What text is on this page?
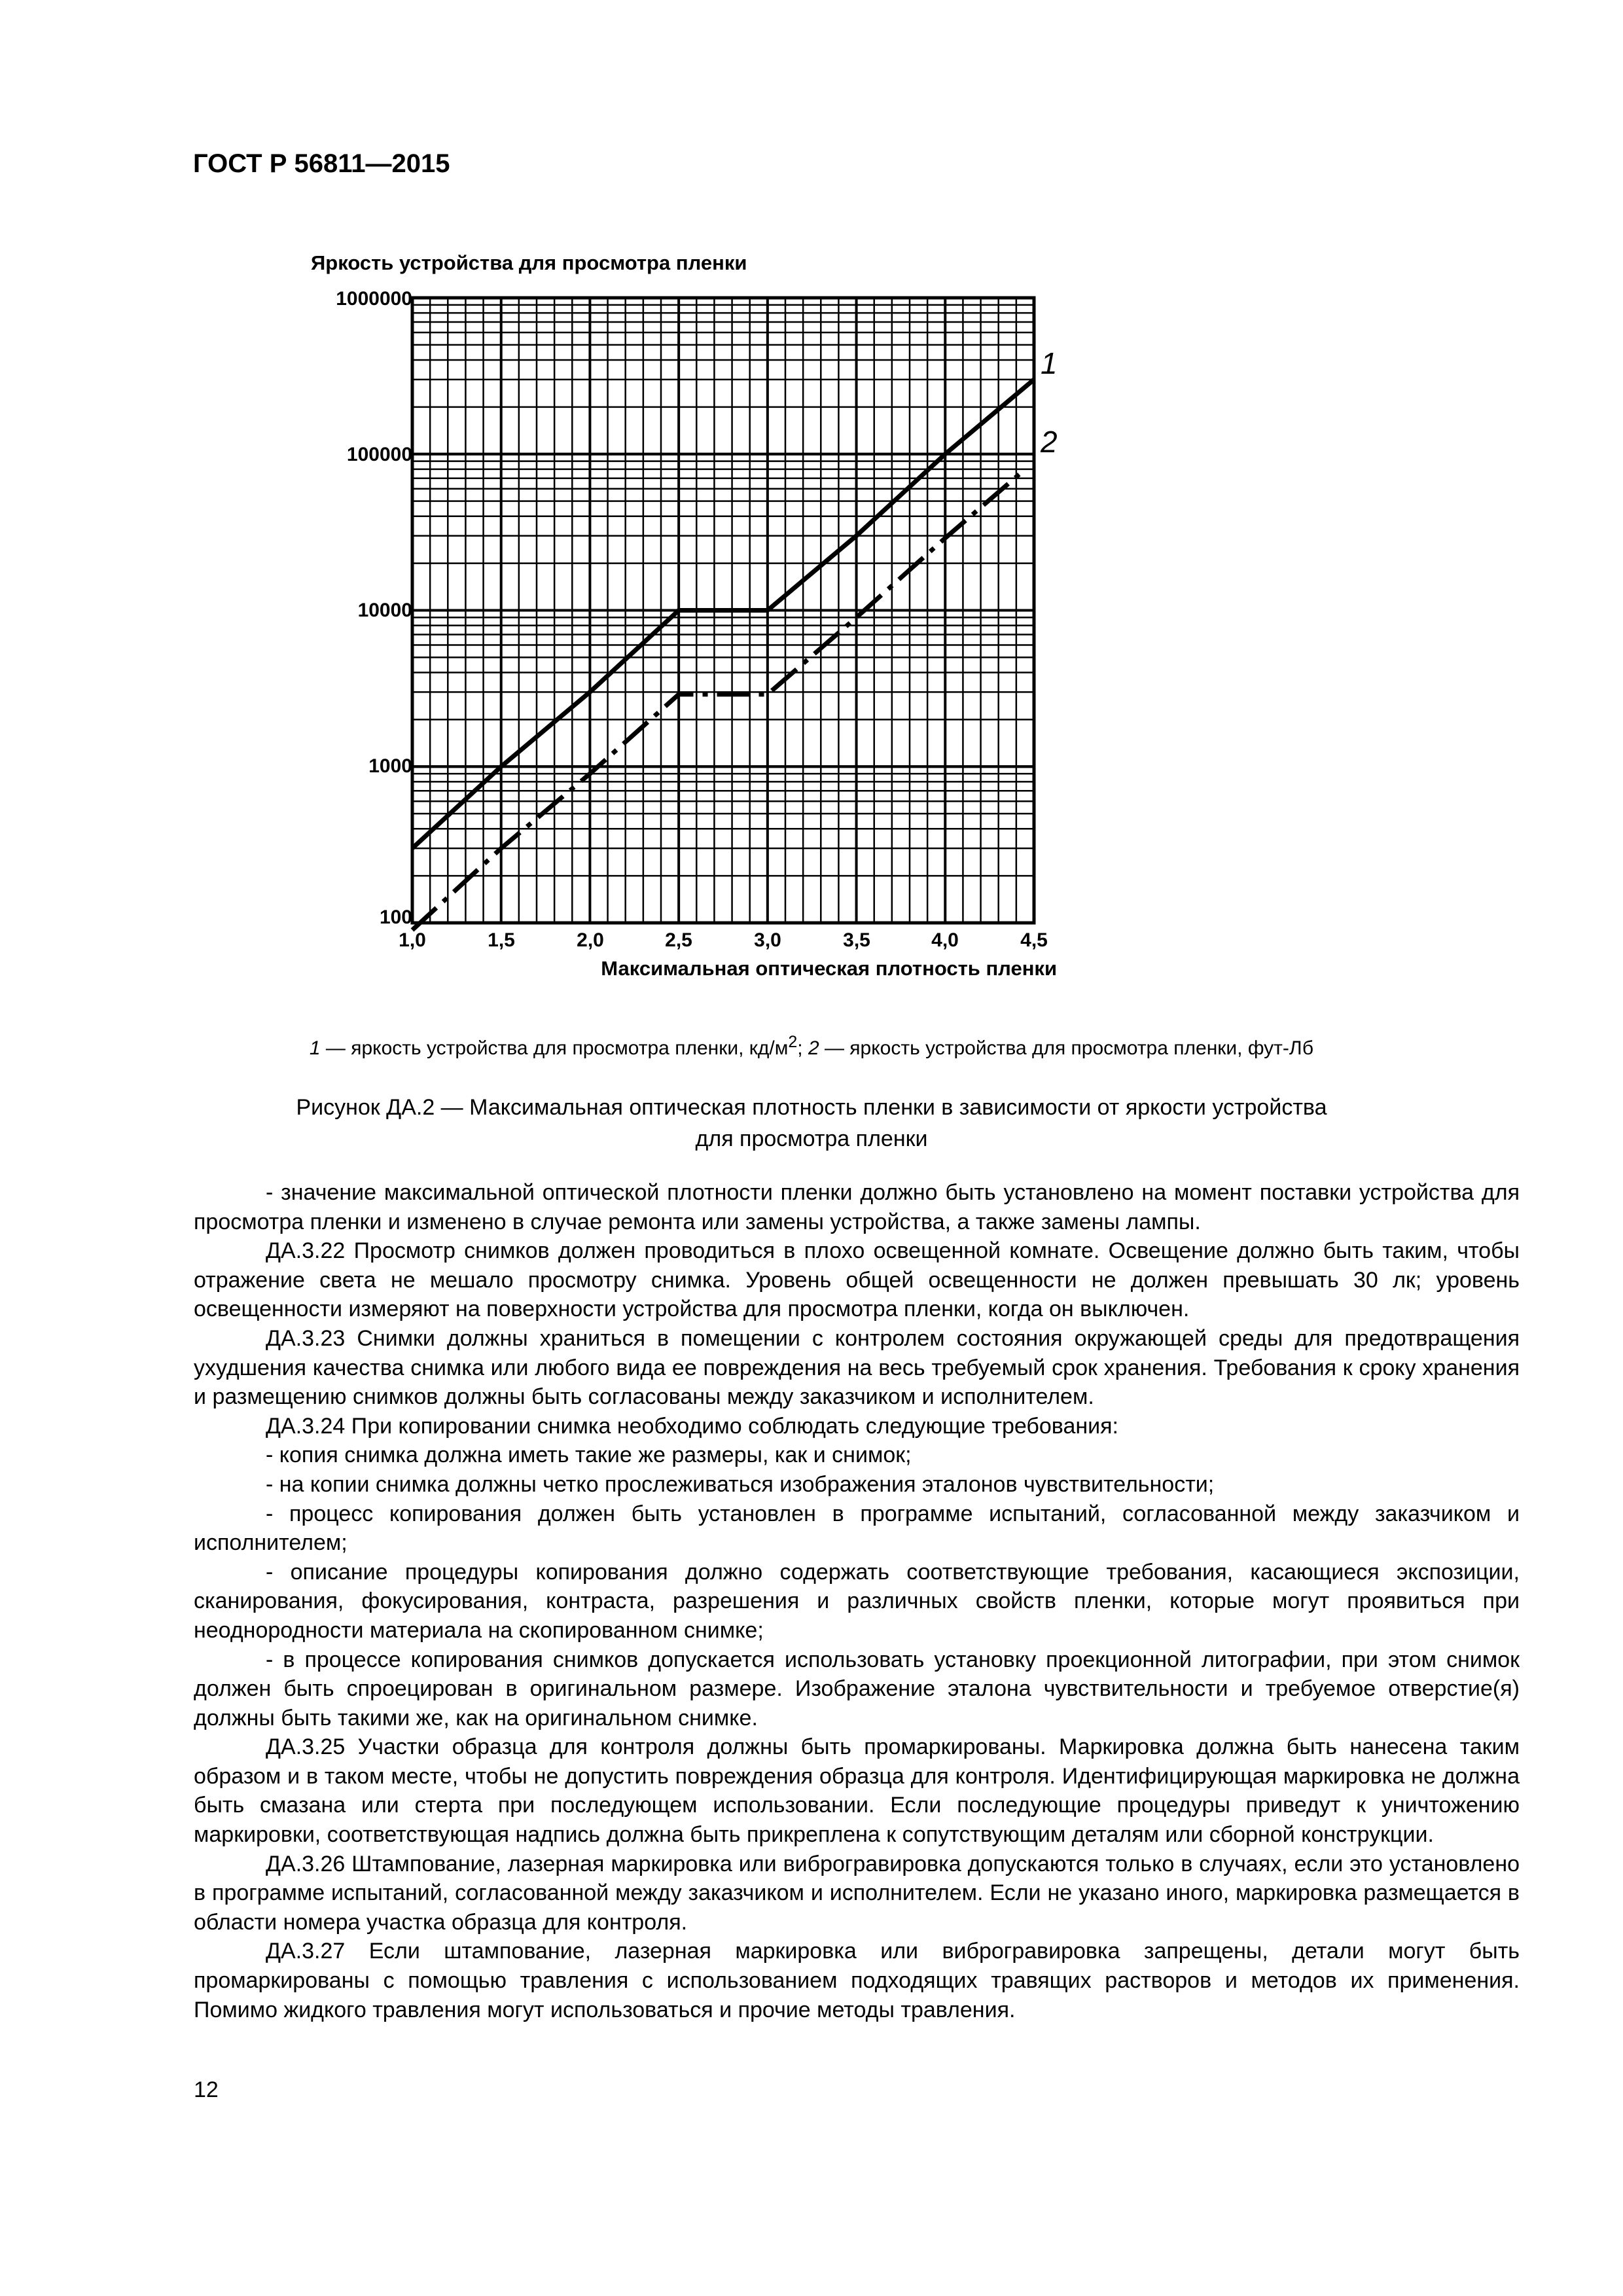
ГОСТ Р 56811—2015
Яркость устройства для просмотра пленки
1000000
100000
10000
1000
100
1,0	1,5	2,0	2,5	3,0	3,5	4,0	4,5
Максимальная оптическая плотность пленки
1
2
1 — яркость устройства для просмотра пленки, $кд/м^2$; 2 — яркость устройства для просмотра пленки, фут-Лб
Рисунок ДА.2 — Максимальная оптическая плотность пленки в зависимости от яркости устройства
для просмотра пленки

- значение максимальной оптической плотности пленки должно быть установлено на момент поставки устройства для просмотра пленки и изменено в случае ремонта или замены устройства, а также замены лампы.

ДА.3.22 Просмотр снимков должен проводиться в плохо освещенной комнате. Освещение должно быть таким, чтобы отражение света не мешало просмотру снимка. Уровень общей освещенности не должен превышать 30 лк; уровень освещенности измеряют на поверхности устройства для просмотра пленки, когда он выключен.

ДА.3.23 Снимки должны храниться в помещении с контролем состояния окружающей среды для предотвращения ухудшения качества снимка или любого вида ее повреждения на весь требуемый срок хранения. Требования к сроку хранения и размещению снимков должны быть согласованы между заказчиком и исполнителем.

ДА.3.24 При копировании снимка необходимо соблюдать следующие требования:

- копия снимка должна иметь такие же размеры, как и снимок;

- на копии снимка должны четко прослеживаться изображения эталонов чувствительности;

- процесс копирования должен быть установлен в программе испытаний, согласованной между заказчиком и исполнителем;

- описание процедуры копирования должно содержать соответствующие требования, касающиеся экспозиции, сканирования, фокусирования, контраста, разрешения и различных свойств пленки, которые могут проявиться при неоднородности материала на скопированном снимке;

- в процессе копирования снимков допускается использовать установку проекционной литографии, при этом снимок должен быть спроецирован в оригинальном размере. Изображение эталона чувствительности и требуемое отверстие(я) должны быть такими же, как на оригинальном снимке.

ДА.3.25 Участки образца для контроля должны быть промаркированы. Маркировка должна быть нанесена таким образом и в таком месте, чтобы не допустить повреждения образца для контроля. Идентифицирующая маркировка не должна быть смазана или стерта при последующем использовании. Если последующие процедуры приведут к уничтожению маркировки, соответствующая надпись должна быть прикреплена к сопутствующим деталям или сборной конструкции.

ДА.3.26 Штампование, лазерная маркировка или виброгравировка допускаются только в случаях, если это установлено в программе испытаний, согласованной между заказчиком и исполнителем. Если не указано иного, маркировка размещается в области номера участка образца для контроля.

ДА.3.27 Если штампование, лазерная маркировка или виброгравировка запрещены, детали могут быть промаркированы с помощью травления с использованием подходящих травящих растворов и методов их применения. Помимо жидкого травления могут использоваться и прочие методы травления.

12
